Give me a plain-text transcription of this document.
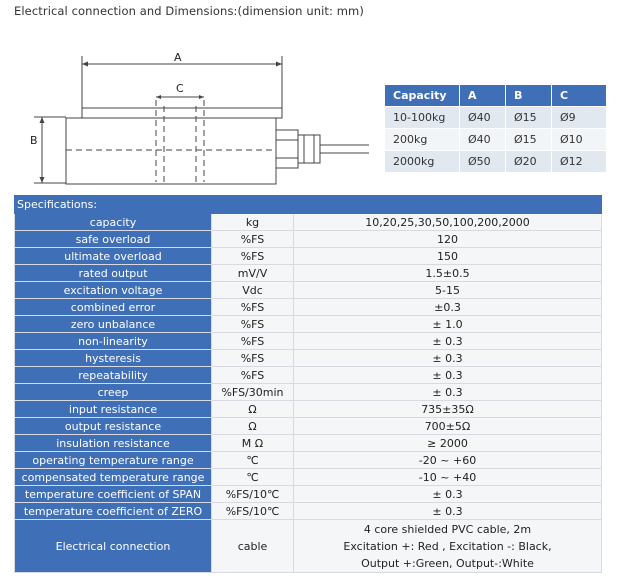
Electrical connection and Dimensions:(dimension unit: mm)
A
C
B
Capacity	A	B	C
10-100kg	Ø40	Ø15	Ø9
200kg	Ø40	Ø15	Ø10
2000kg	Ø50	Ø20	Ø12
Specifications:		
capacity	kg	10,20,25,30,50,100,200,2000
safe overload	%FS	120
ultimate overload	%FS	150
rated output	mV/V	1.5±0.5
excitation voltage	Vdc	5-15
combined error	%FS	±0.3
zero unbalance	%FS	± 1.0
non-linearity	%FS	± 0.3
hysteresis	%FS	± 0.3
repeatability	%FS	± 0.3
creep	%FS/30min	± 0.3
input resistance	Ω	735±35Ω
output resistance	Ω	700±5Ω
insulation resistance	M Ω	≥ 2000
operating temperature range	℃	-20 ~ +60
compensated temperature range	℃	-10 ~ +40
temperature coefficient of SPAN	%FS/10℃	± 0.3
temperature coefficient of ZERO	%FS/10℃	± 0.3
Electrical connection	cable	4 core shielded PVC cable, 2m
Excitation +: Red , Excitation -: Black,
Output +:Green, Output-:White
